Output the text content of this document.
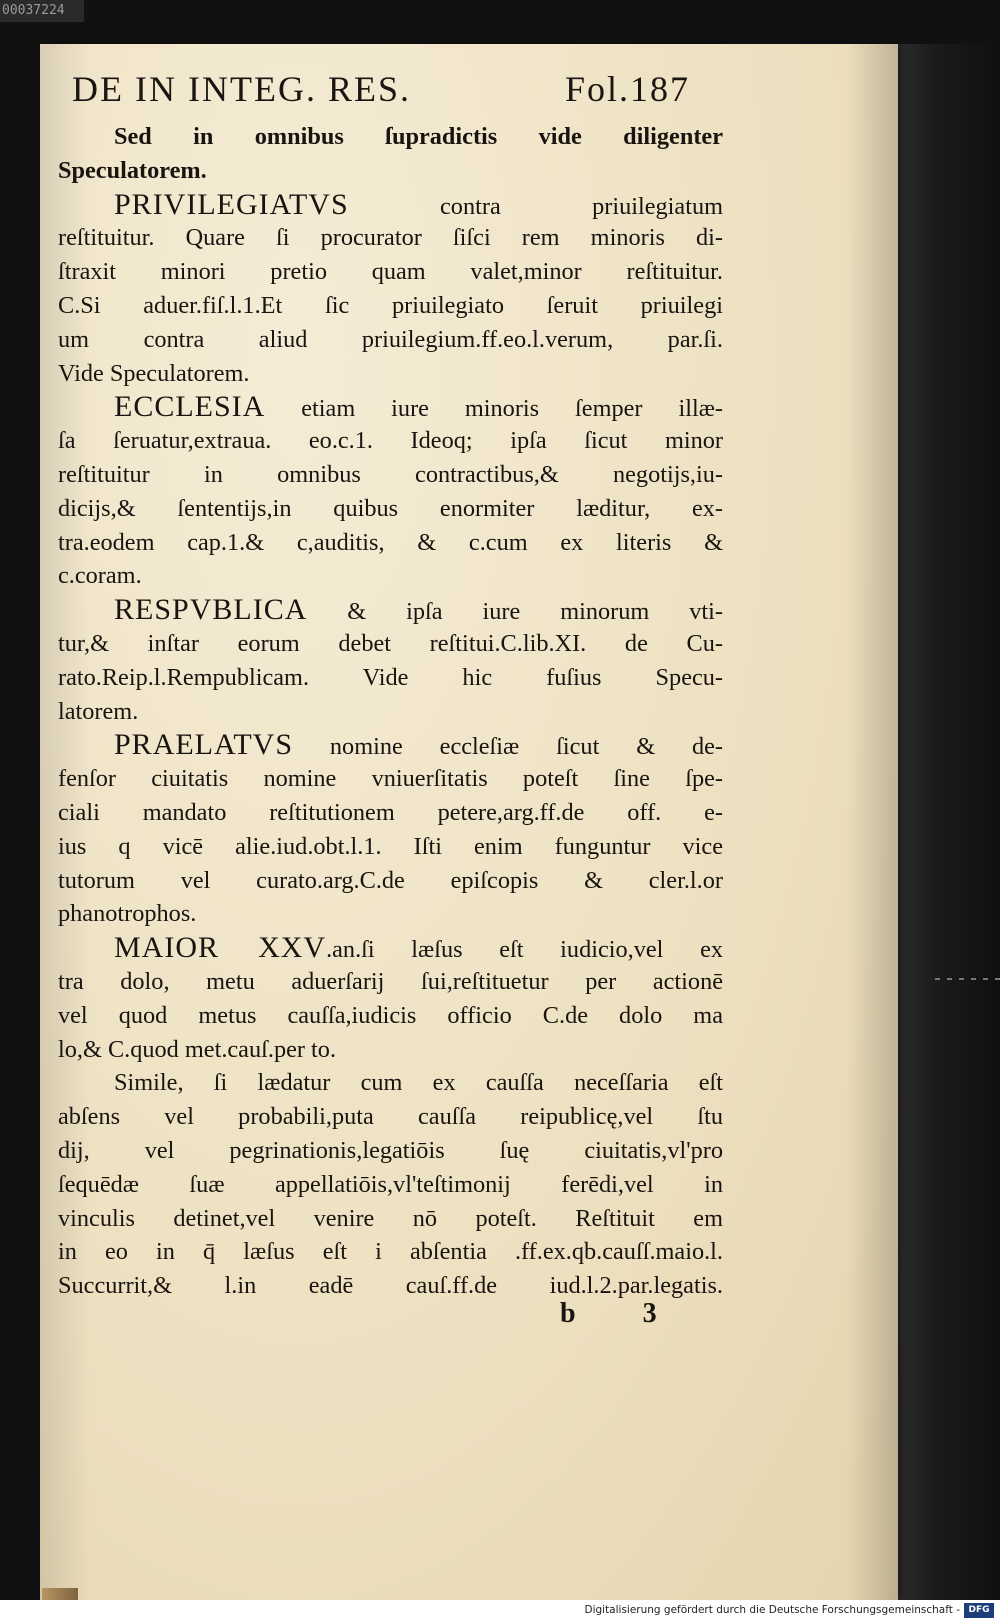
00037224
DE IN INTEG. RES.	Fol.187
Sed in omnibus ſupradictis vide diligenter
Speculatorem.
PRIVILEGIATVS contra priuilegiatum
reſtituitur. Quare ſi procurator ſiſci rem minoris di-
ſtraxit minori pretio quam valet,minor reſtituitur.
C.Si aduer.fiſ.l.1.Et ſic priuilegiato ſeruit priuilegi
um contra aliud priuilegium.ff.eo.l.verum, par.ſi.
Vide Speculatorem.
ECCLESIA etiam iure minoris ſemper illæ-
ſa ſeruatur,extraua. eo.c.1. Ideoq; ipſa ſicut minor
reſtituitur in omnibus contractibus,& negotijs,iu-
dicijs,& ſententijs,in quibus enormiter læditur, ex-
tra.eodem cap.1.& c,auditis, & c.cum ex literis &
c.coram.
RESPVBLICA & ipſa iure minorum vti-
tur,& inſtar eorum debet reſtitui.C.lib.XI. de Cu-
rato.Reip.l.Rempublicam. Vide hic fuſius Specu-
latorem.
PRAELATVS nomine eccleſiæ ſicut & de-
fenſor ciuitatis nomine vniuerſitatis poteſt ſine ſpe-
ciali mandato reſtitutionem petere,arg.ff.de off. e-
ius q vicē alie.iud.obt.l.1. Iſti enim funguntur vice
tutorum vel curato.arg.C.de epiſcopis & cler.l.or
phanotrophos.
MAIOR XXV.an.ſi læſus eſt iudicio,vel ex
tra dolo, metu aduerſarij ſui,reſtituetur per actionē
vel quod metus cauſſa,iudicis officio C.de dolo ma
lo,& C.quod met.cauſ.per to.
Simile, ſi lædatur cum ex cauſſa neceſſaria eſt
abſens vel probabili,puta cauſſa reipublicę,vel ſtu
dij, vel pegrinationis,legatiōis ſuę ciuitatis,vl'pro
ſequēdæ ſuæ appellatiōis,vl'teſtimonij ferēdi,vel in
vinculis detinet,vel venire nō poteſt. Reſtituit em
in eo in q̄ læſus eſt i abſentia .ff.ex.qb.cauſſ.maio.l.
Succurrit,& l.in eadē cauſ.ff.de iud.l.2.par.legatis.
b 3
Digitalisierung gefördert durch die Deutsche Forschungsgemeinschaft - DFG
